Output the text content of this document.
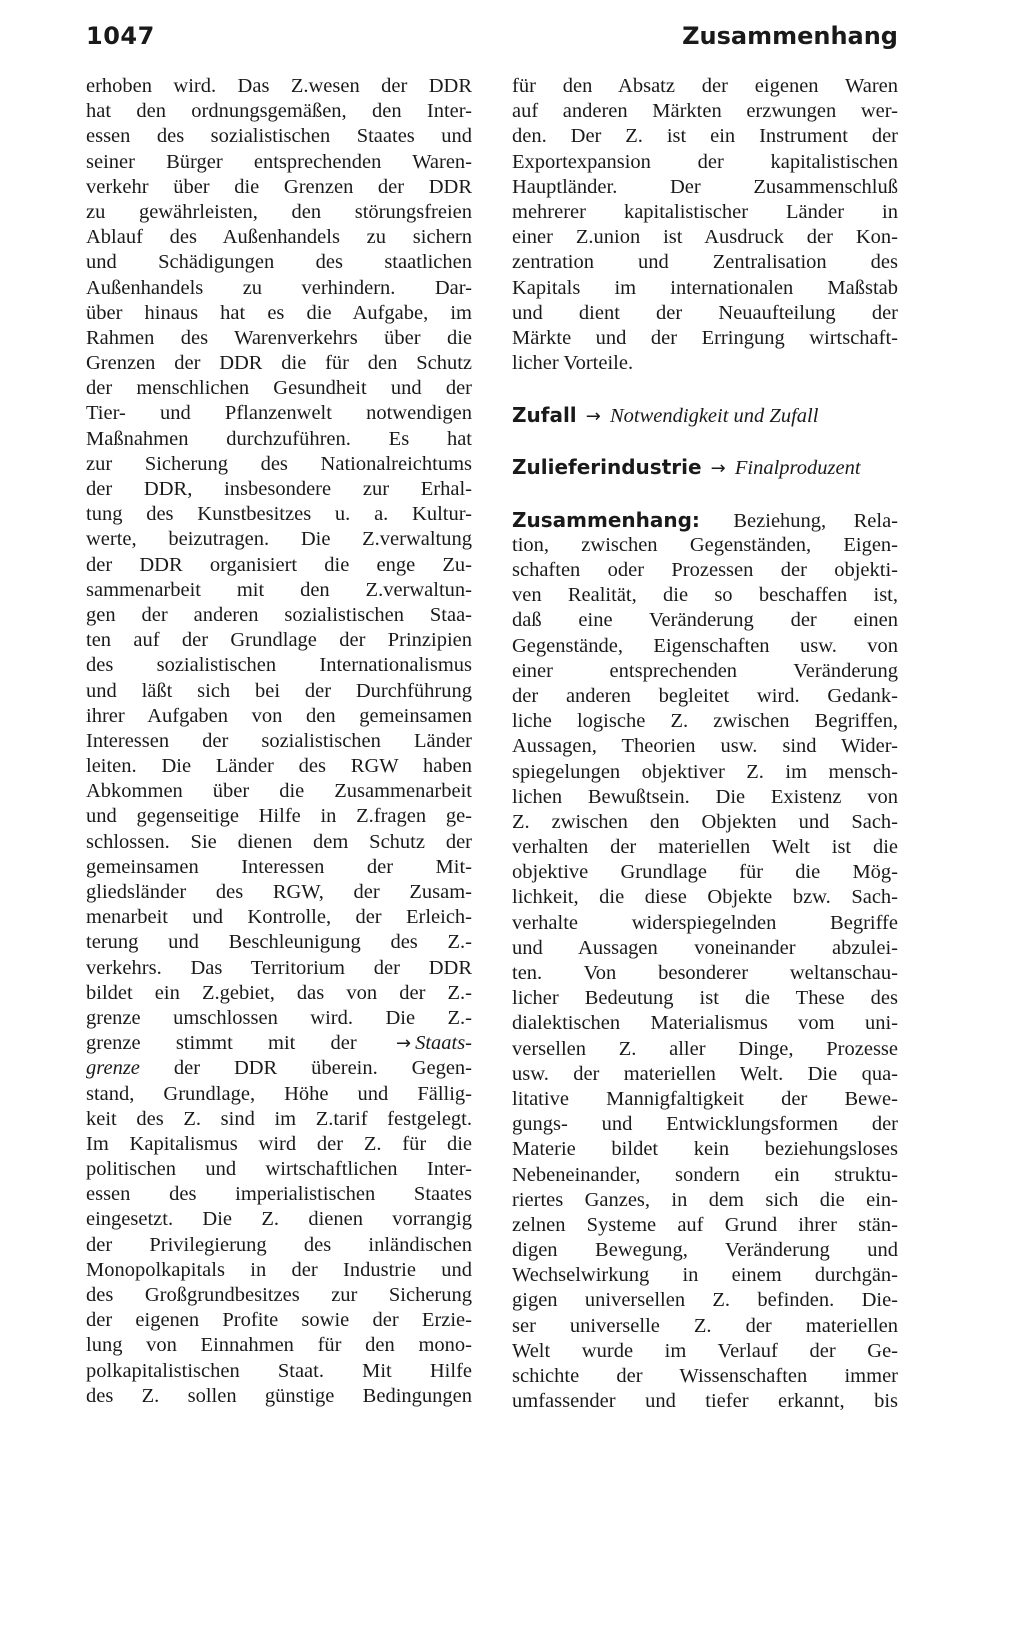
1047	Zusammenhang
erhoben wird. Das Z.wesen der DDR
hat den ordnungsgemäßen, den Inter-
essen des sozialistischen Staates und
seiner Bürger entsprechenden Waren-
verkehr über die Grenzen der DDR
zu gewährleisten, den störungsfreien
Ablauf des Außenhandels zu sichern
und Schädigungen des staatlichen
Außenhandels zu verhindern. Dar-
über hinaus hat es die Aufgabe, im
Rahmen des Warenverkehrs über die
Grenzen der DDR die für den Schutz
der menschlichen Gesundheit und der
Tier- und Pflanzenwelt notwendigen
Maßnahmen durchzuführen. Es hat
zur Sicherung des Nationalreichtums
der DDR, insbesondere zur Erhal-
tung des Kunstbesitzes u. a. Kultur-
werte, beizutragen. Die Z.verwaltung
der DDR organisiert die enge Zu-
sammenarbeit mit den Z.verwaltun-
gen der anderen sozialistischen Staa-
ten auf der Grundlage der Prinzipien
des sozialistischen Internationalismus
und läßt sich bei der Durchführung
ihrer Aufgaben von den gemeinsamen
Interessen der sozialistischen Länder
leiten. Die Länder des RGW haben
Abkommen über die Zusammenarbeit
und gegenseitige Hilfe in Z.fragen ge-
schlossen. Sie dienen dem Schutz der
gemeinsamen Interessen der Mit-
gliedsländer des RGW, der Zusam-
menarbeit und Kontrolle, der Erleich-
terung und Beschleunigung des Z.-
verkehrs. Das Territorium der DDR
bildet ein Z.gebiet, das von der Z.-
grenze umschlossen wird. Die Z.-
grenze stimmt mit der → Staats-
grenze der DDR überein. Gegen-
stand, Grundlage, Höhe und Fällig-
keit des Z. sind im Z.tarif festgelegt.
Im Kapitalismus wird der Z. für die
politischen und wirtschaftlichen Inter-
essen des imperialistischen Staates
eingesetzt. Die Z. dienen vorrangig
der Privilegierung des inländischen
Monopolkapitals in der Industrie und
des Großgrundbesitzes zur Sicherung
der eigenen Profite sowie der Erzie-
lung von Einnahmen für den mono-
polkapitalistischen Staat. Mit Hilfe
des Z. sollen günstige Bedingungen
für den Absatz der eigenen Waren
auf anderen Märkten erzwungen wer-
den. Der Z. ist ein Instrument der
Exportexpansion der kapitalistischen
Hauptländer. Der Zusammenschluß
mehrerer kapitalistischer Länder in
einer Z.union ist Ausdruck der Kon-
zentration und Zentralisation des
Kapitals im internationalen Maßstab
und dient der Neuaufteilung der
Märkte und der Erringung wirtschaft-
licher Vorteile.
Zufall → Notwendigkeit und Zufall
Zulieferindustrie → Finalproduzent
Zusammenhang: Beziehung, Rela-
tion, zwischen Gegenständen, Eigen-
schaften oder Prozessen der objekti-
ven Realität, die so beschaffen ist,
daß eine Veränderung der einen
Gegenstände, Eigenschaften usw. von
einer entsprechenden Veränderung
der anderen begleitet wird. Gedank-
liche logische Z. zwischen Begriffen,
Aussagen, Theorien usw. sind Wider-
spiegelungen objektiver Z. im mensch-
lichen Bewußtsein. Die Existenz von
Z. zwischen den Objekten und Sach-
verhalten der materiellen Welt ist die
objektive Grundlage für die Mög-
lichkeit, die diese Objekte bzw. Sach-
verhalte widerspiegelnden Begriffe
und Aussagen voneinander abzulei-
ten. Von besonderer weltanschau-
licher Bedeutung ist die These des
dialektischen Materialismus vom uni-
versellen Z. aller Dinge, Prozesse
usw. der materiellen Welt. Die qua-
litative Mannigfaltigkeit der Bewe-
gungs- und Entwicklungsformen der
Materie bildet kein beziehungsloses
Nebeneinander, sondern ein struktu-
riertes Ganzes, in dem sich die ein-
zelnen Systeme auf Grund ihrer stän-
digen Bewegung, Veränderung und
Wechselwirkung in einem durchgän-
gigen universellen Z. befinden. Die-
ser universelle Z. der materiellen
Welt wurde im Verlauf der Ge-
schichte der Wissenschaften immer
umfassender und tiefer erkannt, bis
